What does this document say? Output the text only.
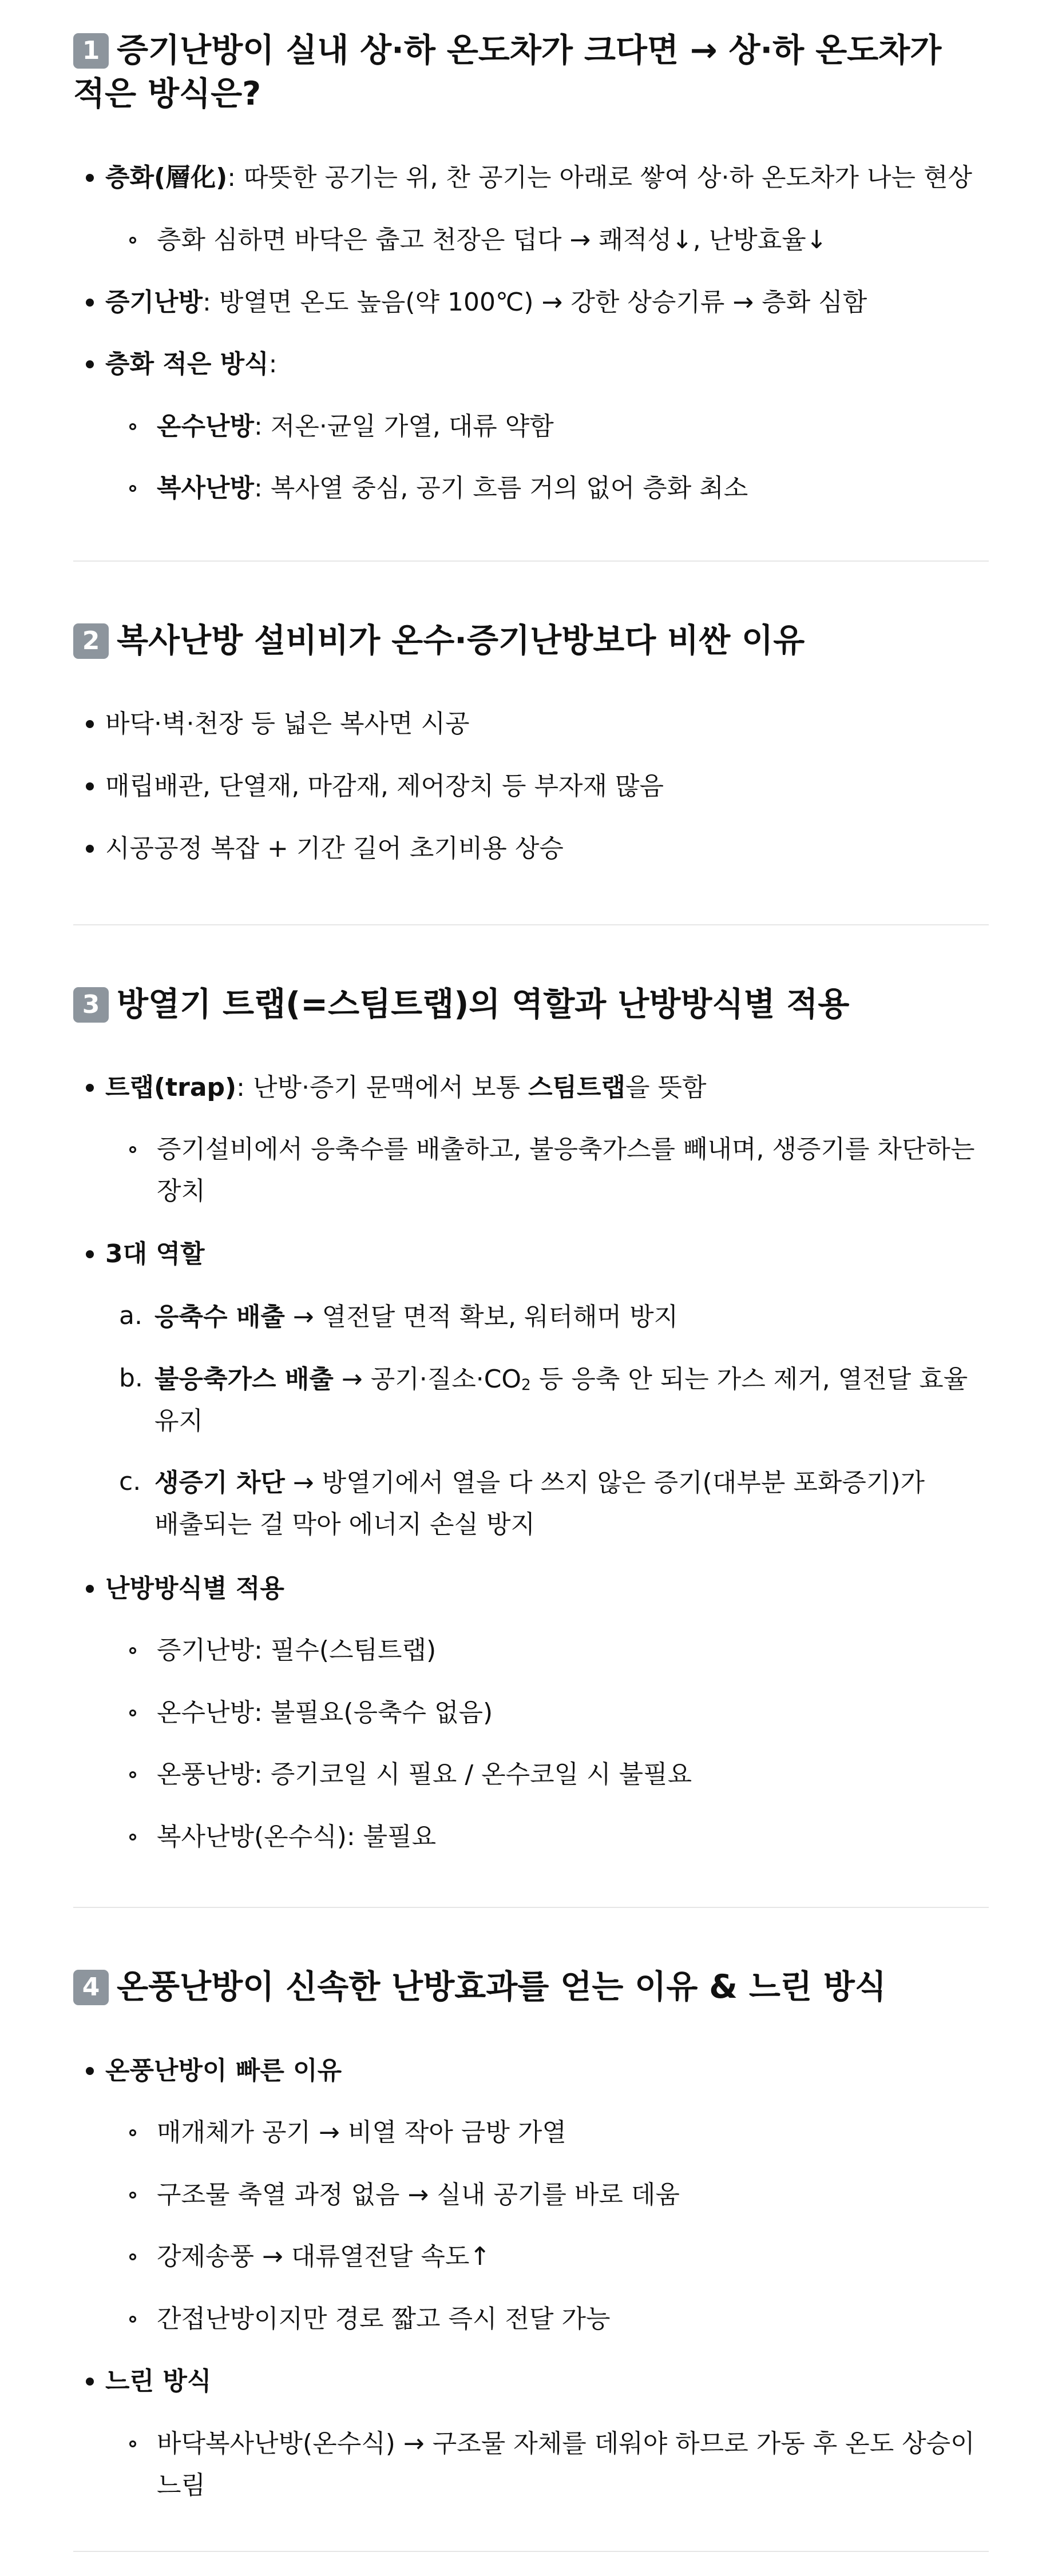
1 증기난방이 실내 상·하 온도차가 크다면 → 상·하 온도차가
적은 방식은?
층화(層化): 따뜻한 공기는 위, 찬 공기는 아래로 쌓여 상·하 온도차가 나는 현상
층화 심하면 바닥은 춥고 천장은 덥다 → 쾌적성↓, 난방효율↓
증기난방: 방열면 온도 높음(약 100℃) → 강한 상승기류 → 층화 심함
층화 적은 방식:
온수난방: 저온·균일 가열, 대류 약함
복사난방: 복사열 중심, 공기 흐름 거의 없어 층화 최소
2 복사난방 설비비가 온수·증기난방보다 비싼 이유
바닥·벽·천장 등 넓은 복사면 시공
매립배관, 단열재, 마감재, 제어장치 등 부자재 많음
시공공정 복잡 + 기간 길어 초기비용 상승
3 방열기 트랩(=스팀트랩)의 역할과 난방방식별 적용
트랩(trap): 난방·증기 문맥에서 보통 스팀트랩을 뜻함
증기설비에서 응축수를 배출하고, 불응축가스를 빼내며, 생증기를 차단하는
장치
3대 역할
a. 응축수 배출 → 열전달 면적 확보, 워터해머 방지
b. 불응축가스 배출 → 공기·질소$\cdot CO_2$ 등 응축 안 되는 가스 제거, 열전달 효율
유지
c. 생증기 차단 → 방열기에서 열을 다 쓰지 않은 증기(대부분 포화증기)가
배출되는 걸 막아 에너지 손실 방지
난방방식별 적용
증기난방: 필수(스팀트랩)
온수난방: 불필요(응축수 없음)
온풍난방: 증기코일 시 필요 / 온수코일 시 불필요
복사난방(온수식): 불필요
4 온풍난방이 신속한 난방효과를 얻는 이유 & 느린 방식
온풍난방이 빠른 이유
매개체가 공기 → 비열 작아 금방 가열
구조물 축열 과정 없음 → 실내 공기를 바로 데움
강제송풍 → 대류열전달 속도↑
간접난방이지만 경로 짧고 즉시 전달 가능
느린 방식
바닥복사난방(온수식) → 구조물 자체를 데워야 하므로 가동 후 온도 상승이
느림
